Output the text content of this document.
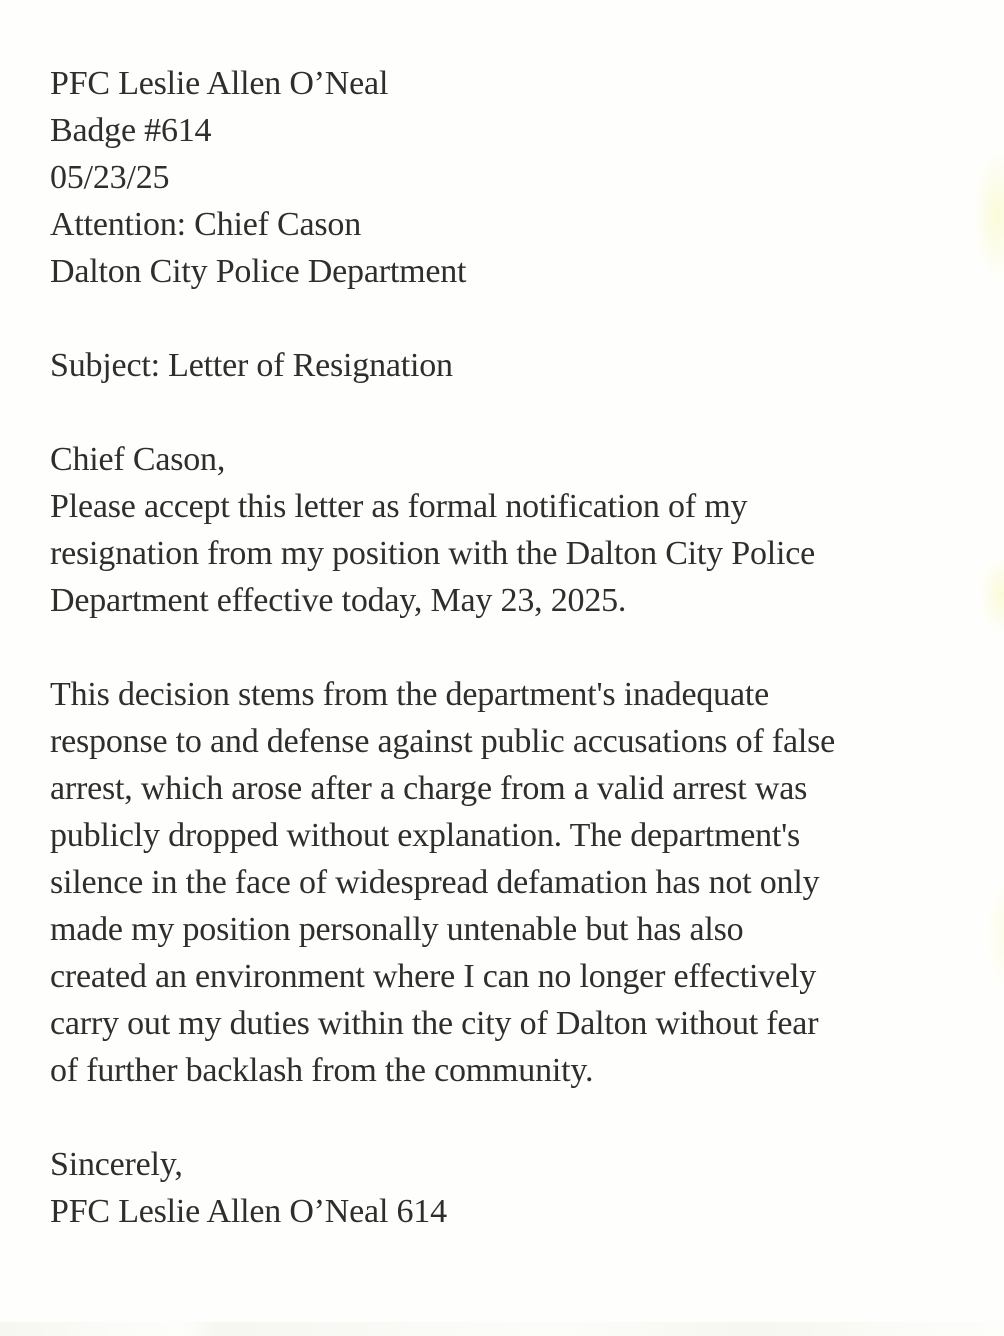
PFC Leslie Allen O’Neal
Badge #614
05/23/25
Attention: Chief Cason
Dalton City Police Department
Subject: Letter of Resignation
Chief Cason,
Please accept this letter as formal notification of my
resignation from my position with the Dalton City Police
Department effective today, May 23, 2025.
This decision stems from the department's inadequate
response to and defense against public accusations of false
arrest, which arose after a charge from a valid arrest was
publicly dropped without explanation. The department's
silence in the face of widespread defamation has not only
made my position personally untenable but has also
created an environment where I can no longer effectively
carry out my duties within the city of Dalton without fear
of further backlash from the community.
Sincerely,
PFC Leslie Allen O’Neal 614
